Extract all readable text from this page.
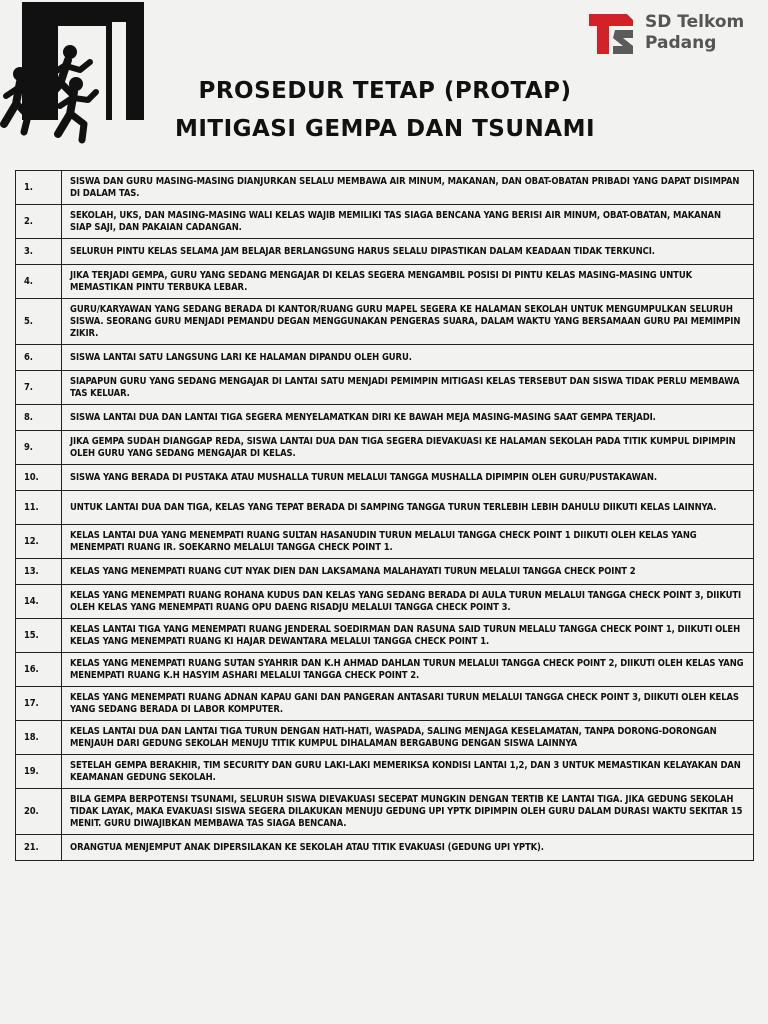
PROSEDUR TETAP (PROTAP)
MITIGASI GEMPA DAN TSUNAMI
SD Telkom
Padang
1.	SISWA DAN GURU MASING-MASING DIANJURKAN SELALU MEMBAWA AIR MINUM, MAKANAN, DAN OBAT-OBATAN PRIBADI YANG DAPAT DISIMPAN DI DALAM TAS.
2.	SEKOLAH, UKS, DAN MASING-MASING WALI KELAS WAJIB MEMILIKI TAS SIAGA BENCANA YANG BERISI AIR MINUM, OBAT-OBATAN, MAKANAN SIAP SAJI, DAN PAKAIAN CADANGAN.
3.	SELURUH PINTU KELAS SELAMA JAM BELAJAR BERLANGSUNG HARUS SELALU DIPASTIKAN DALAM KEADAAN TIDAK TERKUNCI.
4.	JIKA TERJADI GEMPA, GURU YANG SEDANG MENGAJAR DI KELAS SEGERA MENGAMBIL POSISI DI PINTU KELAS MASING-MASING UNTUK MEMASTIKAN PINTU TERBUKA LEBAR.
5.	GURU/KARYAWAN YANG SEDANG BERADA DI KANTOR/RUANG GURU MAPEL SEGERA KE HALAMAN SEKOLAH UNTUK MENGUMPULKAN SELURUH SISWA. SEORANG GURU MENJADI PEMANDU DEGAN MENGGUNAKAN PENGERAS SUARA, DALAM WAKTU YANG BERSAMAAN GURU PAI MEMIMPIN ZIKIR.
6.	SISWA LANTAI SATU LANGSUNG LARI KE HALAMAN DIPANDU OLEH GURU.
7.	SIAPAPUN GURU YANG SEDANG MENGAJAR DI LANTAI SATU MENJADI PEMIMPIN MITIGASI KELAS TERSEBUT DAN SISWA TIDAK PERLU MEMBAWA TAS KELUAR.
8.	SISWA LANTAI DUA DAN LANTAI TIGA SEGERA MENYELAMATKAN DIRI KE BAWAH MEJA MASING-MASING SAAT GEMPA TERJADI.
9.	JIKA GEMPA SUDAH DIANGGAP REDA, SISWA LANTAI DUA DAN TIGA SEGERA DIEVAKUASI KE HALAMAN SEKOLAH PADA TITIK KUMPUL DIPIMPIN OLEH GURU YANG SEDANG MENGAJAR DI KELAS.
10.	SISWA YANG BERADA DI PUSTAKA ATAU MUSHALLA TURUN MELALUI TANGGA MUSHALLA DIPIMPIN OLEH GURU/PUSTAKAWAN.
11.	UNTUK LANTAI DUA DAN TIGA, KELAS YANG TEPAT BERADA DI SAMPING TANGGA TURUN TERLEBIH LEBIH DAHULU DIIKUTI KELAS LAINNYA.
12.	KELAS LANTAI DUA YANG MENEMPATI RUANG SULTAN HASANUDIN TURUN MELALUI TANGGA CHECK POINT 1 DIIKUTI OLEH KELAS YANG MENEMPATI RUANG IR. SOEKARNO MELALUI TANGGA CHECK POINT 1.
13.	KELAS YANG MENEMPATI RUANG CUT NYAK DIEN DAN LAKSAMANA MALAHAYATI TURUN MELALUI TANGGA CHECK POINT 2
14.	KELAS YANG MENEMPATI RUANG ROHANA KUDUS DAN KELAS YANG SEDANG BERADA DI AULA TURUN MELALUI TANGGA CHECK POINT 3, DIIKUTI OLEH KELAS YANG MENEMPATI RUANG OPU DAENG RISADJU MELALUI TANGGA CHECK POINT 3.
15.	KELAS LANTAI TIGA YANG MENEMPATI RUANG JENDERAL SOEDIRMAN DAN RASUNA SAID TURUN MELALU TANGGA CHECK POINT 1, DIIKUTI OLEH KELAS YANG MENEMPATI RUANG KI HAJAR DEWANTARA MELALUI TANGGA CHECK POINT 1.
16.	KELAS YANG MENEMPATI RUANG SUTAN SYAHRIR DAN K.H AHMAD DAHLAN TURUN MELALUI TANGGA CHECK POINT 2, DIIKUTI OLEH KELAS YANG MENEMPATI RUANG K.H HASYIM ASHARI MELALUI TANGGA CHECK POINT 2.
17.	KELAS YANG MENEMPATI RUANG ADNAN KAPAU GANI DAN PANGERAN ANTASARI TURUN MELALUI TANGGA CHECK POINT 3, DIIKUTI OLEH KELAS YANG SEDANG BERADA DI LABOR KOMPUTER.
18.	KELAS LANTAI DUA DAN LANTAI TIGA TURUN DENGAN HATI-HATI, WASPADA, SALING MENJAGA KESELAMATAN, TANPA DORONG-DORONGAN MENJAUH DARI GEDUNG SEKOLAH MENUJU TITIK KUMPUL DIHALAMAN BERGABUNG DENGAN SISWA LAINNYA
19.	SETELAH GEMPA BERAKHIR, TIM SECURITY DAN GURU LAKI-LAKI MEMERIKSA KONDISI LANTAI 1,2, DAN 3 UNTUK MEMASTIKAN KELAYAKAN DAN KEAMANAN GEDUNG SEKOLAH.
20.	BILA GEMPA BERPOTENSI TSUNAMI, SELURUH SISWA DIEVAKUASI SECEPAT MUNGKIN DENGAN TERTIB KE LANTAI TIGA. JIKA GEDUNG SEKOLAH TIDAK LAYAK, MAKA EVAKUASI SISWA SEGERA DILAKUKAN MENUJU GEDUNG UPI YPTK DIPIMPIN OLEH GURU DALAM DURASI WAKTU SEKITAR 15 MENIT. GURU DIWAJIBKAN MEMBAWA TAS SIAGA BENCANA.
21.	ORANGTUA MENJEMPUT ANAK DIPERSILAKAN KE SEKOLAH ATAU TITIK EVAKUASI (GEDUNG UPI YPTK).
